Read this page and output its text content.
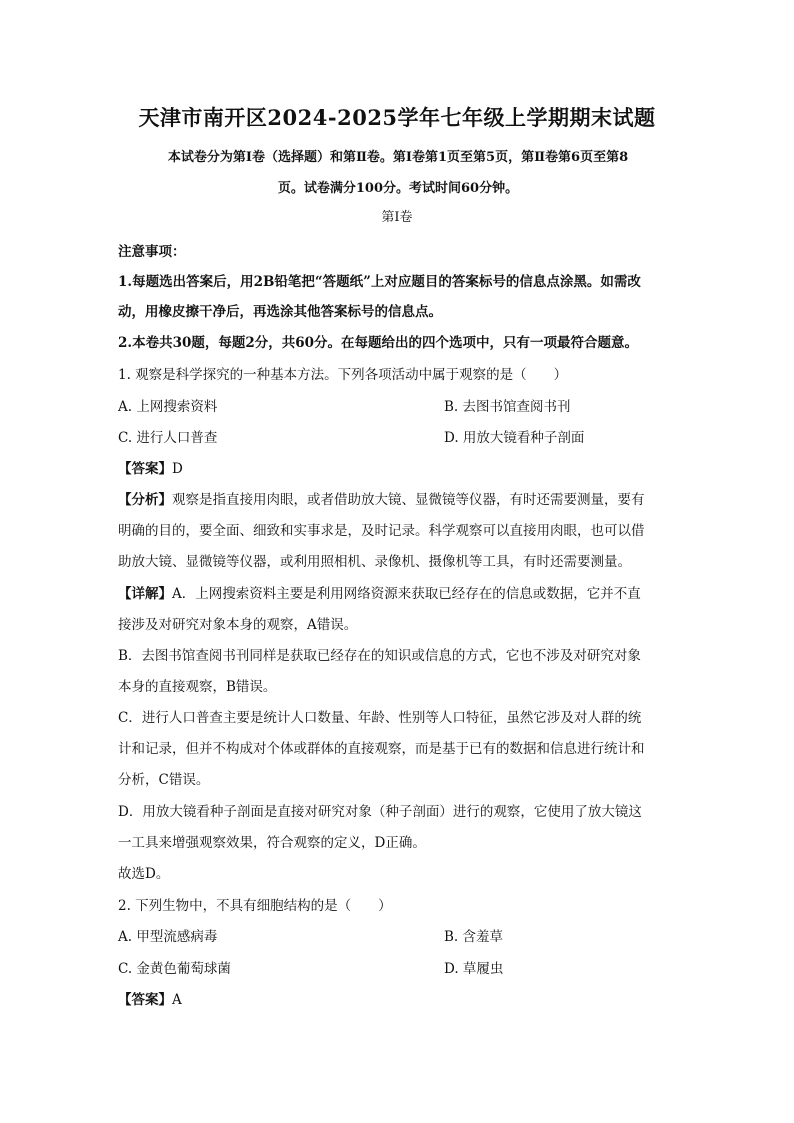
天津市南开区2024-2025学年七年级上学期期末试题
本试卷分为第Ⅰ卷（选择题）和第Ⅱ卷。第Ⅰ卷第1页至第5页，第Ⅱ卷第6页至第8
页。试卷满分100分。考试时间60分钟。
第Ⅰ卷
注意事项：
1.每题选出答案后，用2B铅笔把“答题纸”上对应题目的答案标号的信息点涂黑。如需改
动，用橡皮擦干净后，再选涂其他答案标号的信息点。
2.本卷共30题，每题2分，共60分。在每题给出的四个选项中，只有一项最符合题意。
1. 观察是科学探究的一种基本方法。下列各项活动中属于观察的是（　　）
A. 上网搜索资料	B. 去图书馆查阅书刊
C. 进行人口普查	D. 用放大镜看种子剖面
【答案】D
【分析】观察是指直接用肉眼，或者借助放大镜、显微镜等仪器，有时还需要测量，要有
明确的目的，要全面、细致和实事求是，及时记录。科学观察可以直接用肉眼，也可以借
助放大镜、显微镜等仪器，或利用照相机、录像机、摄像机等工具，有时还需要测量。
【详解】A．上网搜索资料主要是利用网络资源来获取已经存在的信息或数据，它并不直
接涉及对研究对象本身的观察，A错误。
B．去图书馆查阅书刊同样是获取已经存在的知识或信息的方式，它也不涉及对研究对象
本身的直接观察，B错误。
C．进行人口普查主要是统计人口数量、年龄、性别等人口特征，虽然它涉及对人群的统
计和记录，但并不构成对个体或群体的直接观察，而是基于已有的数据和信息进行统计和
分析，C错误。
D．用放大镜看种子剖面是直接对研究对象（种子剖面）进行的观察，它使用了放大镜这
一工具来增强观察效果，符合观察的定义，D正确。
故选D。
2. 下列生物中，不具有细胞结构的是（　　）
A. 甲型流感病毒	B. 含羞草
C. 金黄色葡萄球菌	D. 草履虫
【答案】A
